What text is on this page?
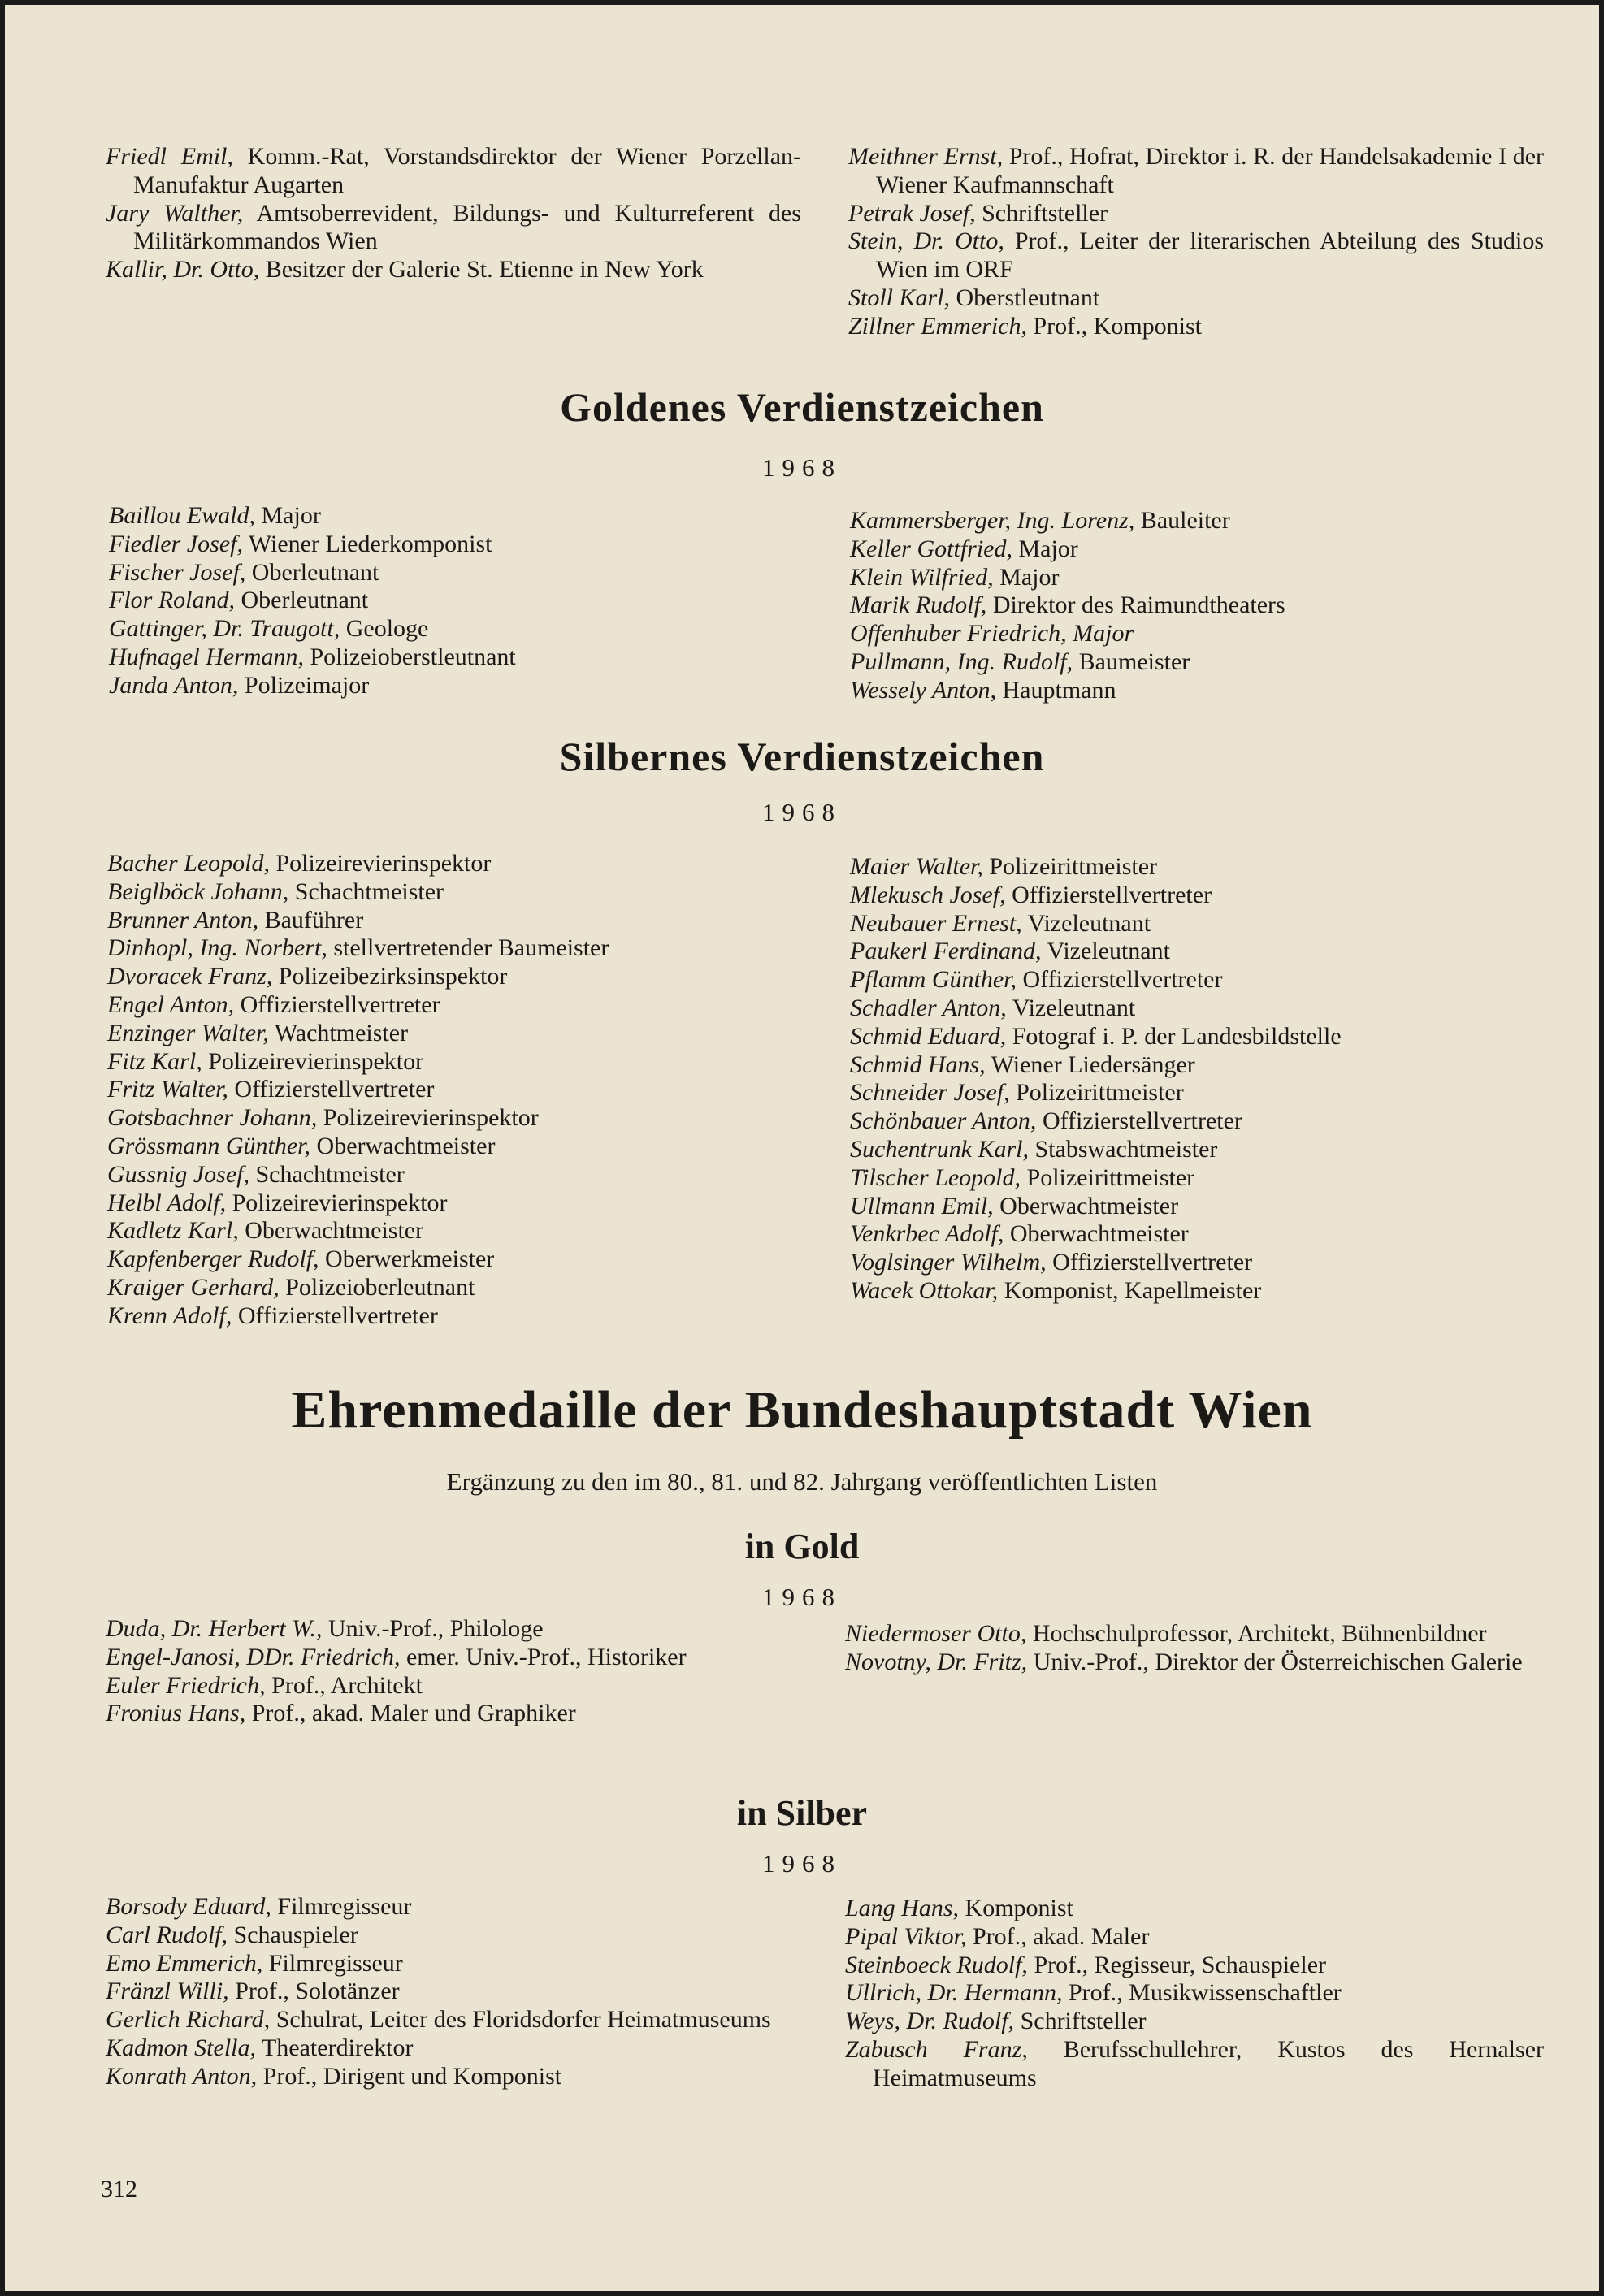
Friedl Emil, Komm.-Rat, Vorstandsdirektor der Wiener Porzellan-Manufaktur Augarten
Jary Walther, Amtsoberrevident, Bildungs- und Kulturreferent des Militärkommandos Wien
Kallir, Dr. Otto, Besitzer der Galerie St. Etienne in New York
Meithner Ernst, Prof., Hofrat, Direktor i. R. der Handelsakademie I der Wiener Kaufmannschaft
Petrak Josef, Schriftsteller
Stein, Dr. Otto, Prof., Leiter der literarischen Abteilung des Studios Wien im ORF
Stoll Karl, Oberstleutnant
Zillner Emmerich, Prof., Komponist
Goldenes Verdienstzeichen
1968
Baillou Ewald, Major
Fiedler Josef, Wiener Liederkomponist
Fischer Josef, Oberleutnant
Flor Roland, Oberleutnant
Gattinger, Dr. Traugott, Geologe
Hufnagel Hermann, Polizeioberstleutnant
Janda Anton, Polizeimajor
Kammersberger, Ing. Lorenz, Bauleiter
Keller Gottfried, Major
Klein Wilfried, Major
Marik Rudolf, Direktor des Raimundtheaters
Offenhuber Friedrich, Major
Pullmann, Ing. Rudolf, Baumeister
Wessely Anton, Hauptmann
Silbernes Verdienstzeichen
1968
Bacher Leopold, Polizeirevierinspektor
Beiglböck Johann, Schachtmeister
Brunner Anton, Bauführer
Dinhopl, Ing. Norbert, stellvertretender Baumeister
Dvoracek Franz, Polizeibezirksinspektor
Engel Anton, Offizierstellvertreter
Enzinger Walter, Wachtmeister
Fitz Karl, Polizeirevierinspektor
Fritz Walter, Offizierstellvertreter
Gotsbachner Johann, Polizeirevierinspektor
Grössmann Günther, Oberwachtmeister
Gussnig Josef, Schachtmeister
Helbl Adolf, Polizeirevierinspektor
Kadletz Karl, Oberwachtmeister
Kapfenberger Rudolf, Oberwerkmeister
Kraiger Gerhard, Polizeioberleutnant
Krenn Adolf, Offizierstellvertreter
Maier Walter, Polizeirittmeister
Mlekusch Josef, Offizierstellvertreter
Neubauer Ernest, Vizeleutnant
Paukerl Ferdinand, Vizeleutnant
Pflamm Günther, Offizierstellvertreter
Schadler Anton, Vizeleutnant
Schmid Eduard, Fotograf i. P. der Landesbildstelle
Schmid Hans, Wiener Liedersänger
Schneider Josef, Polizeirittmeister
Schönbauer Anton, Offizierstellvertreter
Suchentrunk Karl, Stabswachtmeister
Tilscher Leopold, Polizeirittmeister
Ullmann Emil, Oberwachtmeister
Venkrbec Adolf, Oberwachtmeister
Voglsinger Wilhelm, Offizierstellvertreter
Wacek Ottokar, Komponist, Kapellmeister
Ehrenmedaille der Bundeshauptstadt Wien
Ergänzung zu den im 80., 81. und 82. Jahrgang veröffentlichten Listen
in Gold
1968
Duda, Dr. Herbert W., Univ.-Prof., Philologe
Engel-Janosi, DDr. Friedrich, emer. Univ.-Prof., Historiker
Euler Friedrich, Prof., Architekt
Fronius Hans, Prof., akad. Maler und Graphiker
Niedermoser Otto, Hochschulprofessor, Architekt, Bühnenbildner
Novotny, Dr. Fritz, Univ.-Prof., Direktor der Österreichischen Galerie
in Silber
1968
Borsody Eduard, Filmregisseur
Carl Rudolf, Schauspieler
Emo Emmerich, Filmregisseur
Fränzl Willi, Prof., Solotänzer
Gerlich Richard, Schulrat, Leiter des Floridsdorfer Heimatmuseums
Kadmon Stella, Theaterdirektor
Konrath Anton, Prof., Dirigent und Komponist
Lang Hans, Komponist
Pipal Viktor, Prof., akad. Maler
Steinboeck Rudolf, Prof., Regisseur, Schauspieler
Ullrich, Dr. Hermann, Prof., Musikwissenschaftler
Weys, Dr. Rudolf, Schriftsteller
Zabusch Franz, Berufsschullehrer, Kustos des Hernalser Heimatmuseums
312
